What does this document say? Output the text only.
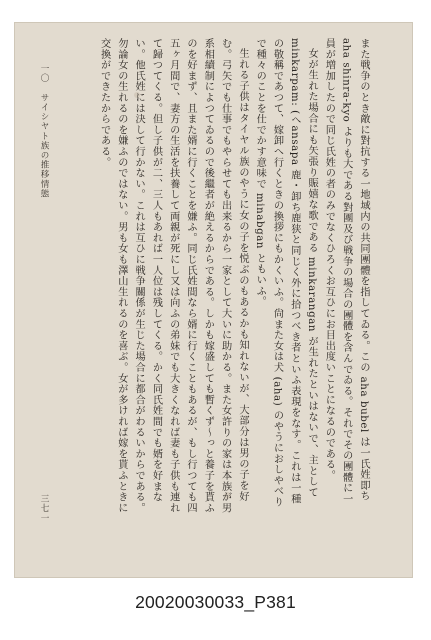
また戦争のとき敵に對抗する一地域内の共同團體を指してゐる。この aha bubel は一氏姓即ち aha shinra-kyo よりも大である對團及び戦争の場合の團體を含んでゐる。それでその團體に一員が増加したので同じ氏姓の者のみでなくひろくお互ひにお目出度いことになるのである。

女が生れた場合にも矢張り賑嬉な歌である minkarangan が生れたといはないで、主として minkarpam: (へansapa 鹿・卸ち鹿狭と同じく外に拾つべき者といふ表現をなす。これは一種の敬稱であつて、嫁卸へ行くときの換拶にもかくいふ。尙また女は犬 (aha) のやうにおしやべりで種々のことを仕でかす意味で minabgan ともいふ。

生れる子供はタイヤル族のやうに女の子を悦ぶのもあるかも知れないが、大部分は男の子を好む。弓矢でも仕事でもやらせても出来るから一家として大いに助かる。また女許りの家は本族が男系相續制によつてゐるので後繼者が絶えるからである。しかも嫁盛しても暫くず〜っと養子を貰ふのを好まず、且また婿に行くことを嫌ふ。同じ氏姓間なら婿に行くこともあるが、もし行つても四五ヶ月間で、妻方の生活を扶養して両親が死にし又は向ふの弟妹でも大きくなれば妻も子供も連れて歸つてくる。但し子供が二、三人もあれば一人位は残してくる。かく同氏姓間でも婿を好まない。他氏姓には決して行かない。これは互ひに戦争關係が生じた場合に都合がわるいからである。勿論女の生れるのを嫌ふのではない。男も女も澤山生れるのを喜ぶ。女が多ければ嫁を貰ふときに交換ができたからである。

一〇　サイシヤト族の推移情態
三七一
20020030033_P381
